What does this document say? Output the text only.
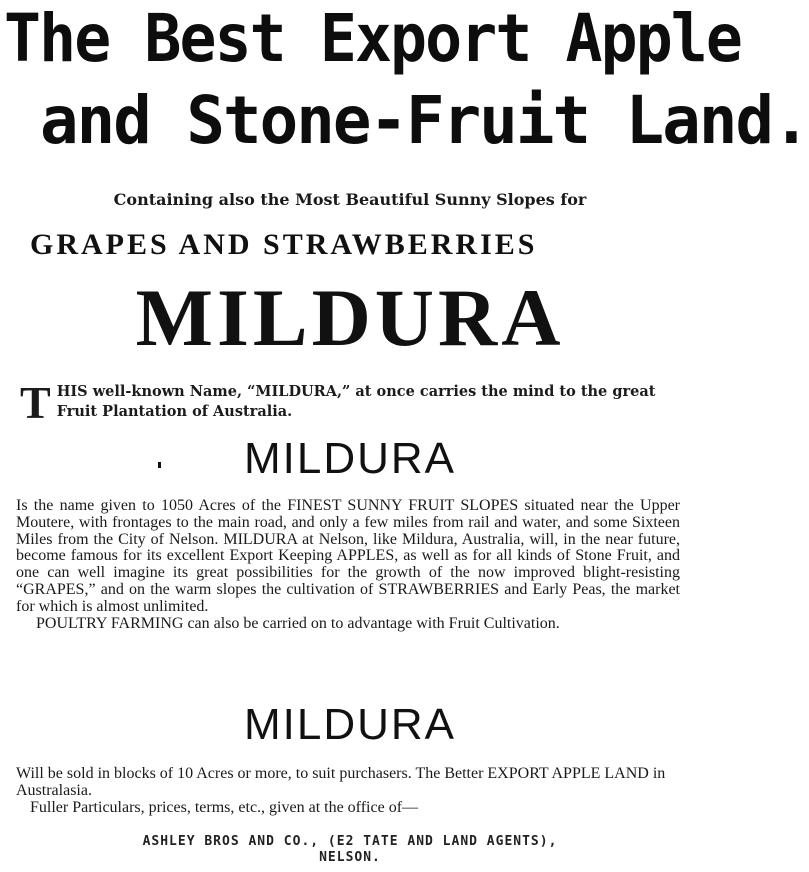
The Best Export Apple
and Stone-Fruit Land.
Containing also the Most Beautiful Sunny Slopes for
GRAPES AND STRAWBERRIES
MILDURA
T HIS well-known Name, “MILDURA,” at once carries the mind to the great Fruit Plantation of Australia.
MILDURA

Is the name given to 1050 Acres of the FINEST SUNNY FRUIT SLOPES situated near the Upper Moutere, with frontages to the main road, and only a few miles from rail and water, and some Sixteen Miles from the City of Nelson. MILDURA at Nelson, like Mildura, Australia, will, in the near future, become famous for its excellent Export Keeping APPLES, as well as for all kinds of Stone Fruit, and one can well imagine its great possibilities for the growth of the now improved blight-resisting “GRAPES,” and on the warm slopes the cultivation of STRAWBERRIES and Early Peas, the market for which is almost unlimited.

POULTRY FARMING can also be carried on to advantage with Fruit Cultivation.

MILDURA

Will be sold in blocks of 10 Acres or more, to suit purchasers. The Better EXPORT APPLE LAND in Australasia.

Fuller Particulars, prices, terms, etc., given at the office of—

ASHLEY BROS AND CO., (E2 TATE AND LAND AGENTS),
NELSON.
